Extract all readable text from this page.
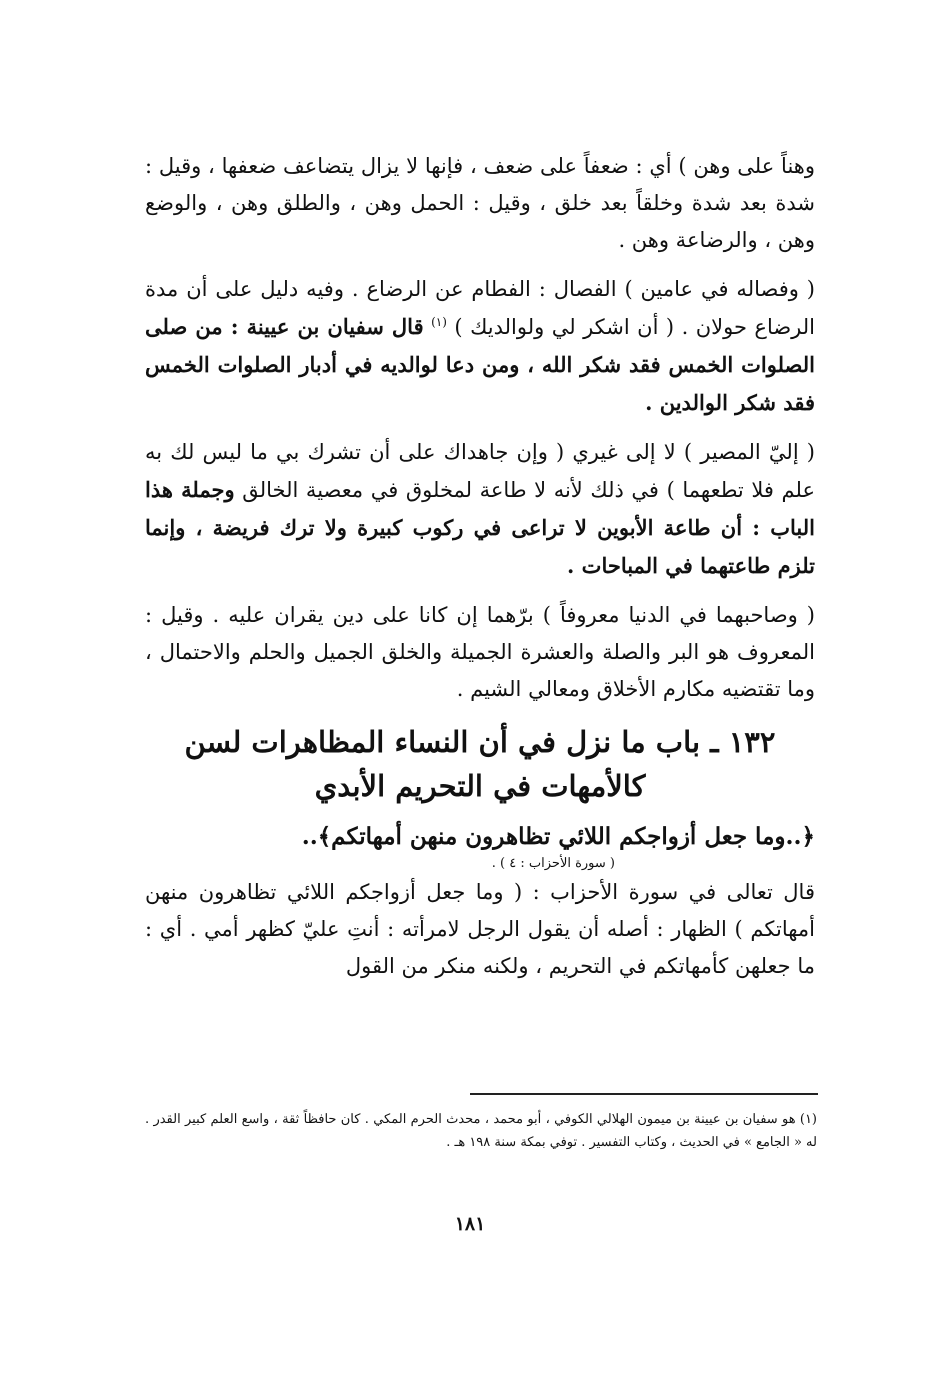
وهناً على وهن ) أي : ضعفاً على ضعف ، فإنها لا يزال يتضاعف ضعفها ، وقيل : شدة بعد شدة وخلقاً بعد خلق ، وقيل : الحمل وهن ، والطلق وهن ، والوضع وهن ، والرضاعة وهن .

( وفصاله في عامين ) الفصال : الفطام عن الرضاع . وفيه دليل على أن مدة الرضاع حولان . ( أن اشكر لي ولوالديك ) $^{(١)}$ قال سفيان بن عيينة : من صلى الصلوات الخمس فقد شكر الله ، ومن دعا لوالديه في أدبار الصلوات الخمس فقد شكر الوالدين .

( إليّ المصير ) لا إلى غيري ( وإن جاهداك على أن تشرك بي ما ليس لك به علم فلا تطعهما ) في ذلك لأنه لا طاعة لمخلوق في معصية الخالق وجملة هذا الباب : أن طاعة الأبوين لا تراعى في ركوب كبيرة ولا ترك فريضة ، وإنما تلزم طاعتهما في المباحات .

( وصاحبهما في الدنيا معروفاً ) برّهما إن كانا على دين يقران عليه . وقيل : المعروف هو البر والصلة والعشرة الجميلة والخلق الجميل والحلم والاحتمال ، وما تقتضيه مكارم الأخلاق ومعالي الشيم .

١٣٢ ـ باب ما نزل في أن النساء المظاهرات لسن كالأمهات في التحريم الأبدي
﴿..وما جعل أزواجكم اللائي تظاهرون منهن أمهاتكم﴾..
( سورة الأحزاب : ٤ ) .

قال تعالى في سورة الأحزاب : ( وما جعل أزواجكم اللائي تظاهرون منهن أمهاتكم ) الظهار : أصله أن يقول الرجل لامرأته : أنتِ عليّ كظهر أمي . أي : ما جعلهن كأمهاتكم في التحريم ، ولكنه منكر من القول

(١) هو سفيان بن عيينة بن ميمون الهلالي الكوفي ، أبو محمد ، محدث الحرم المكي . كان حافظاً ثقة ، واسع العلم كبير القدر . له « الجامع » في الحديث ، وكتاب التفسير . توفي بمكة سنة ١٩٨ هـ .
١٨١
